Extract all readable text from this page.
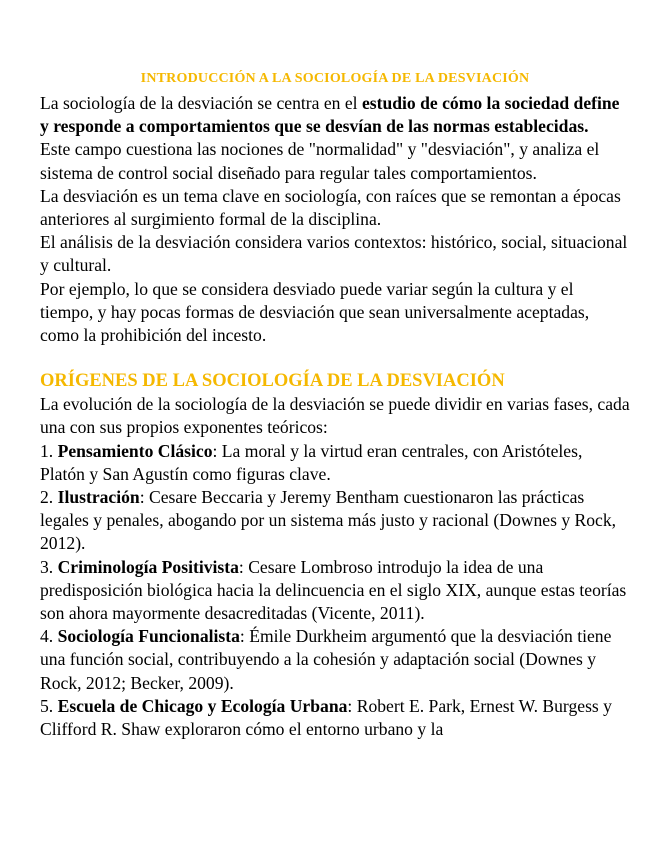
INTRODUCCIÓN A LA SOCIOLOGÍA DE LA DESVIACIÓN

La sociología de la desviación se centra en el estudio de cómo la sociedad define y responde a comportamientos que se desvían de las normas establecidas.

Este campo cuestiona las nociones de "normalidad" y "desviación", y analiza el sistema de control social diseñado para regular tales comportamientos.

La desviación es un tema clave en sociología, con raíces que se remontan a épocas anteriores al surgimiento formal de la disciplina.

El análisis de la desviación considera varios contextos: histórico, social, situacional y cultural.

Por ejemplo, lo que se considera desviado puede variar según la cultura y el tiempo, y hay pocas formas de desviación que sean universalmente aceptadas, como la prohibición del incesto.

ORÍGENES DE LA SOCIOLOGÍA DE LA DESVIACIÓN

La evolución de la sociología de la desviación se puede dividir en varias fases, cada una con sus propios exponentes teóricos:

1. Pensamiento Clásico: La moral y la virtud eran centrales, con Aristóteles, Platón y San Agustín como figuras clave.

2. Ilustración: Cesare Beccaria y Jeremy Bentham cuestionaron las prácticas legales y penales, abogando por un sistema más justo y racional (Downes y Rock, 2012).

3. Criminología Positivista: Cesare Lombroso introdujo la idea de una predisposición biológica hacia la delincuencia en el siglo XIX, aunque estas teorías son ahora mayormente desacreditadas (Vicente, 2011).

4. Sociología Funcionalista: Émile Durkheim argumentó que la desviación tiene una función social, contribuyendo a la cohesión y adaptación social (Downes y Rock, 2012; Becker, 2009).

5. Escuela de Chicago y Ecología Urbana: Robert E. Park, Ernest W. Burgess y Clifford R. Shaw exploraron cómo el entorno urbano y la
